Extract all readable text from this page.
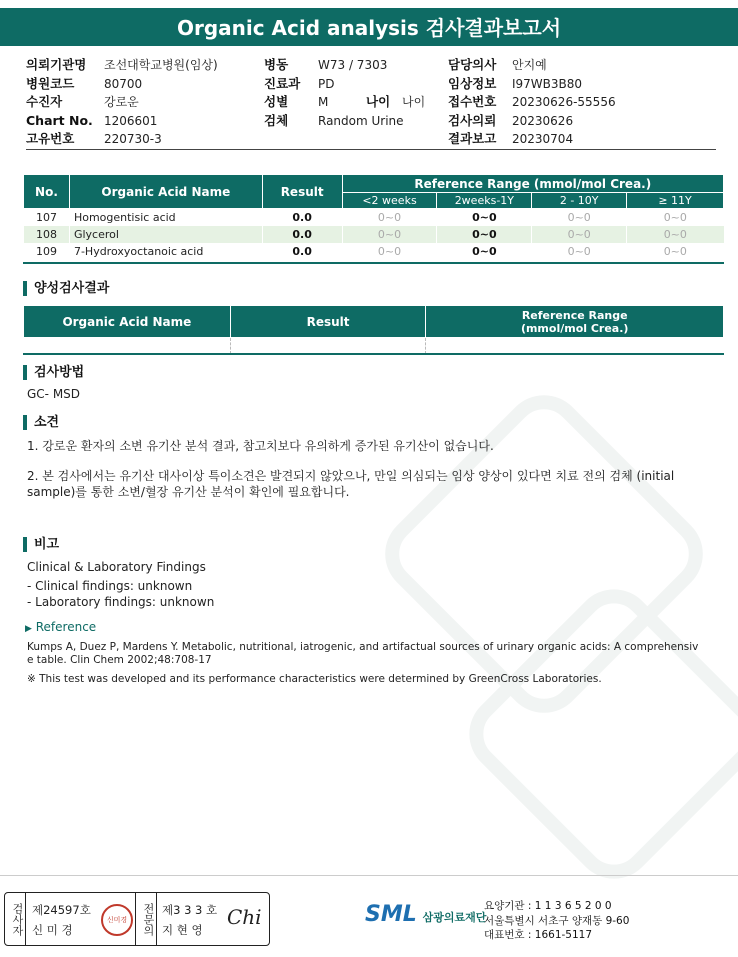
Organic Acid analysis 검사결과보고서
의뢰기관명 조선대학교병원(임상)
병원코드 80700
수진자	강로운
Chart No. 1206601
고유번호 220730-3
병동 W73 / 7303
진료과 PD
성별 M	나이 나이
검체 Random Urine
담당의사 안지예
임상정보 I97WB3B80
접수번호 20230626-55556
검사의뢰 20230626
결과보고 20230704
No.	Organic Acid Name	Result	Reference Range (mmol/mol Crea.)			
			<2 weeks	2weeks-1Y	2 - 10Y	≥ 11Y
107	Homogentisic acid	0.0	0~0	0~0	0~0	0~0
108	Glycerol	0.0	0~0	0~0	0~0	0~0
109	7-Hydroxyoctanoic acid	0.0	0~0	0~0	0~0	0~0
양성검사결과
Organic Acid Name	Result	Reference Range
(mmol/mol Crea.)

검사방법
GC- MSD
소견
1. 강로운 환자의 소변 유기산 분석 결과, 참고치보다 유의하게 증가된 유기산이 없습니다.
2. 본 검사에서는 유기산 대사이상 특이소견은 발견되지 않았으나, 만일 의심되는 임상 양상이 있다면 치료 전의 검체 (initial
sample)를 통한 소변/혈장 유기산 분석이 확인에 필요합니다.
비고
Clinical & Laboratory Findings
- Clinical findings: unknown
- Laboratory findings: unknown
▶ Reference
Kumps A, Duez P, Mardens Y. Metabolic, nutritional, iatrogenic, and artifactual sources of urinary organic acids: A comprehensiv
e table. Clin Chem 2002;48:708-17
※ This test was developed and its performance characteristics were determined by GreenCross Laboratories.
검사자 제24597호
신 미 경
신미경	전문의 제3 3 3 호
지 현 영
Chi	SML 삼광의료재단
요양기관 : 1 1 3 6 5 2 0 0
서울특별시 서초구 양재동 9-60
대표번호 : 1661-5117
